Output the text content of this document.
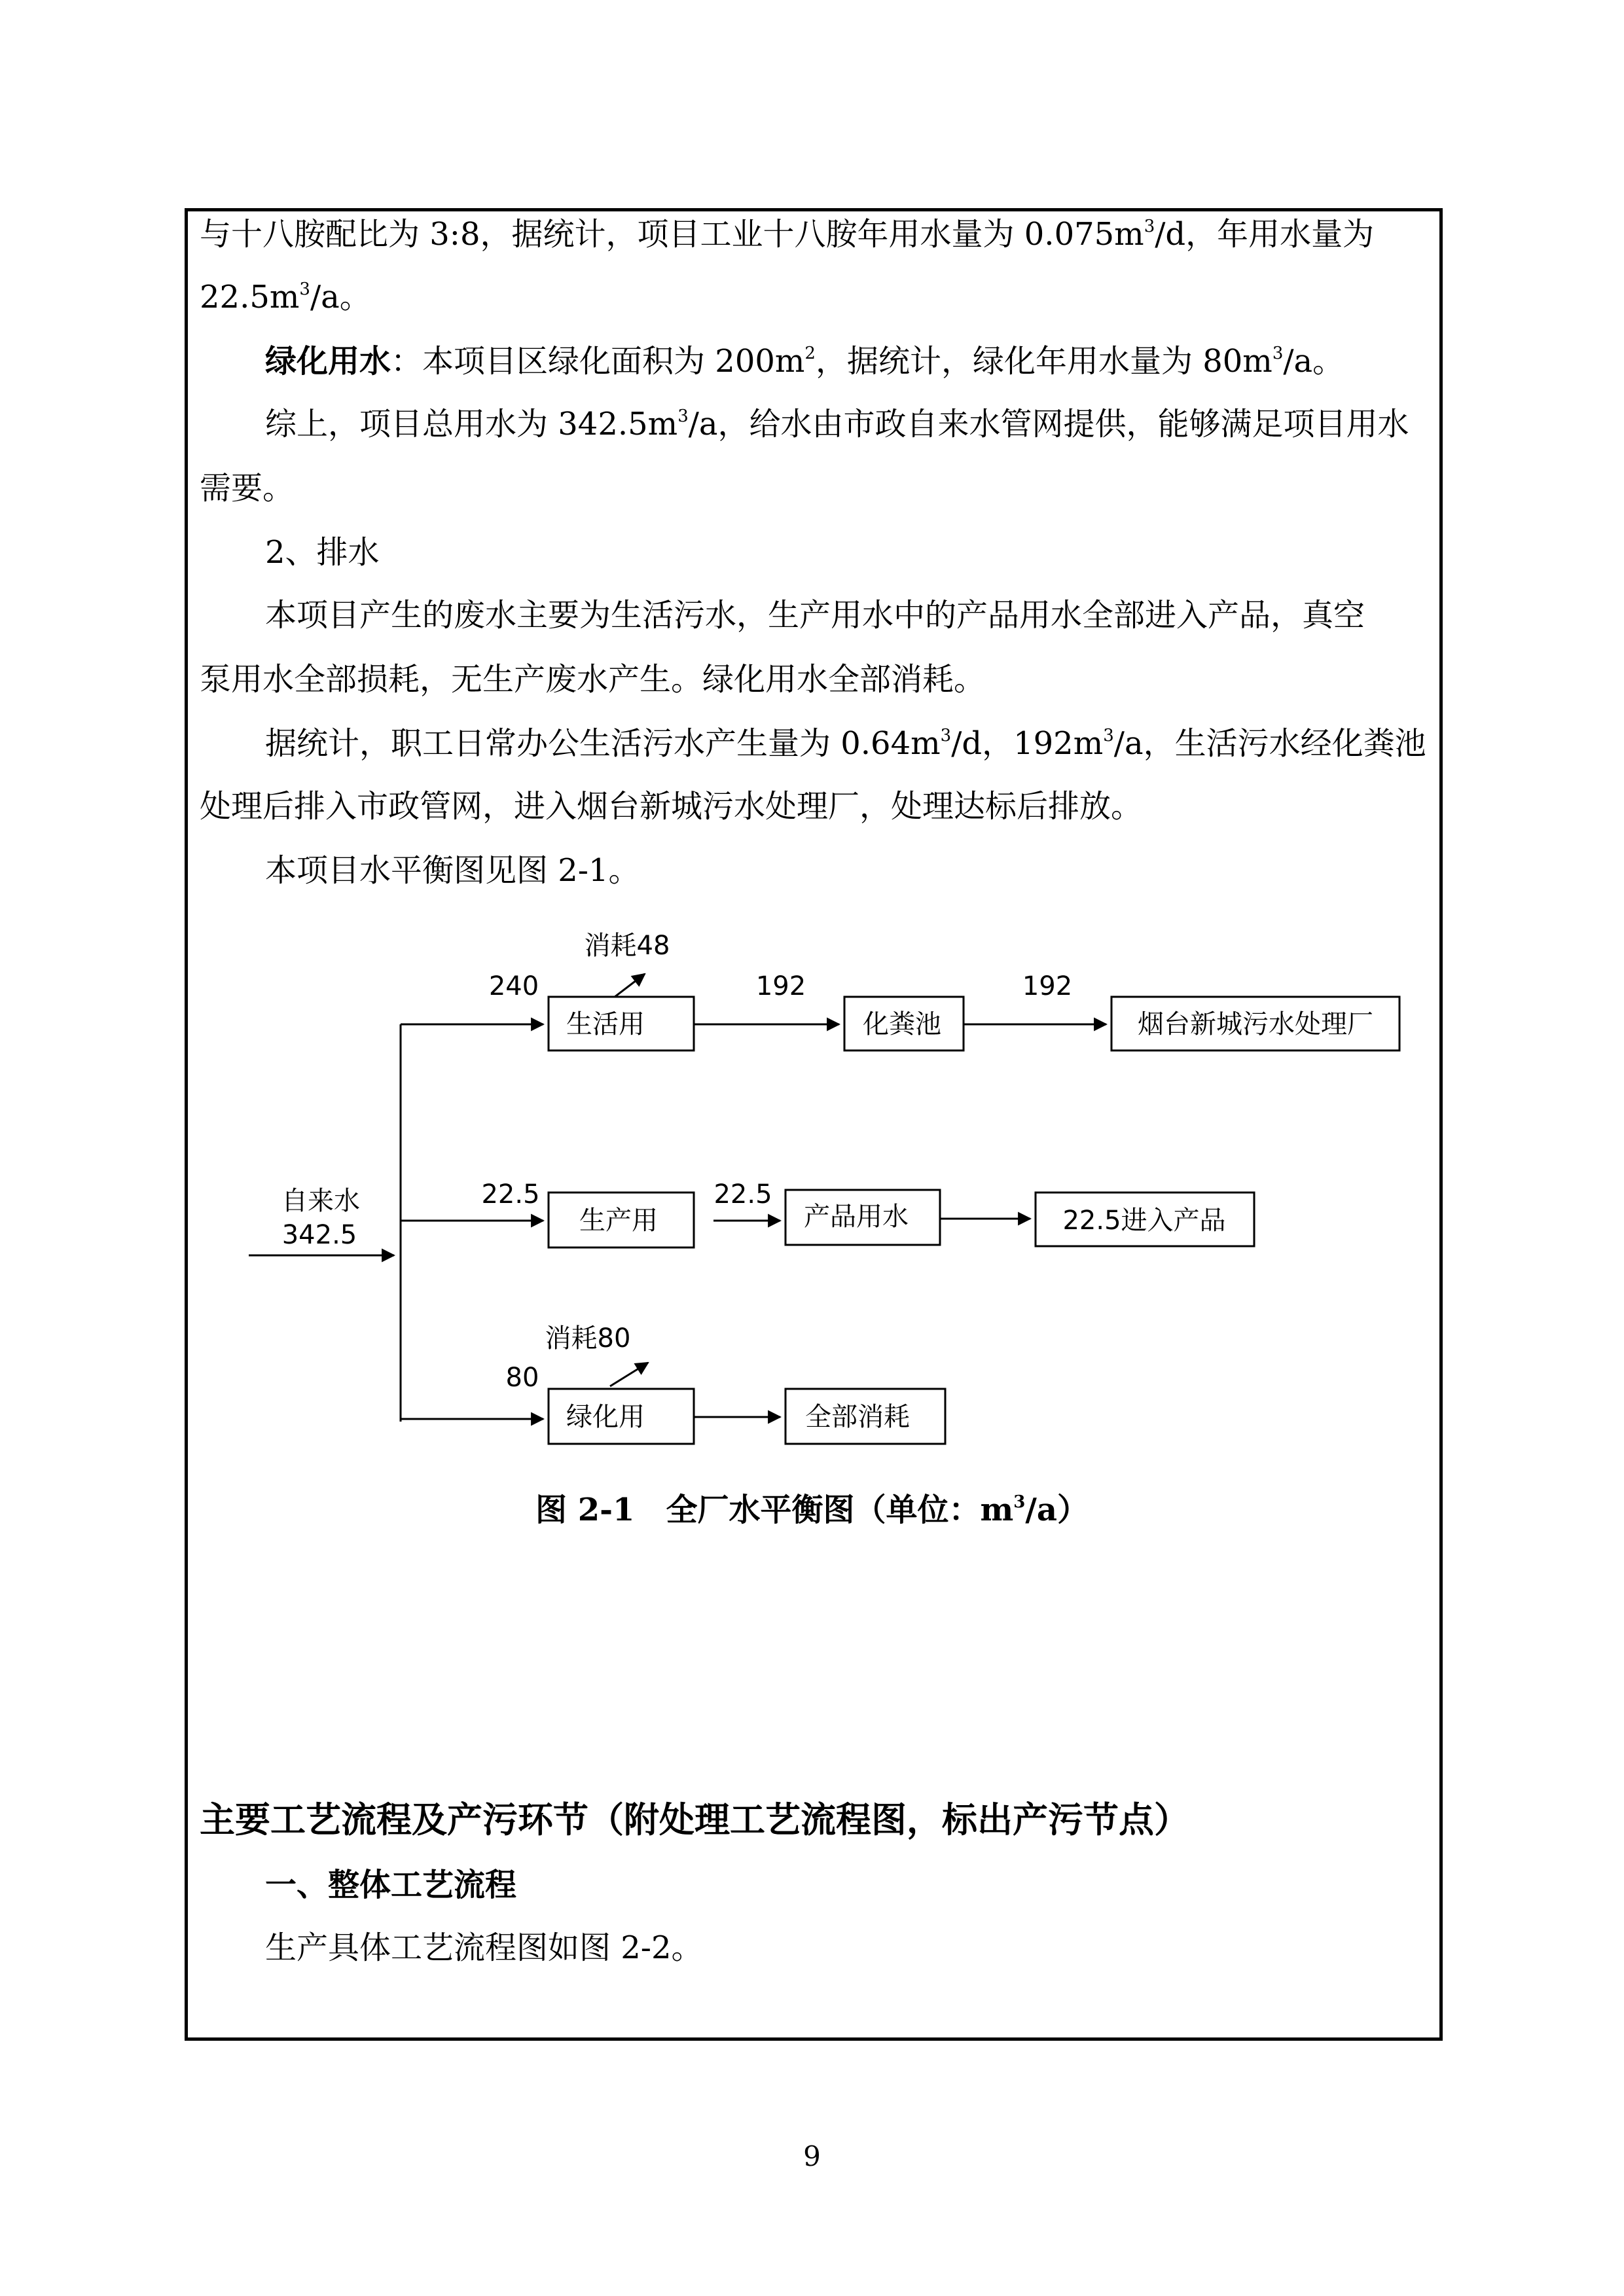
与十八胺配比为 3:8，据统计，项目工业十八胺年用水量为 $0.075m^3/d$，年用水量为
$22.5m^3/a$。
绿化用水：本项目区绿化面积为 $200m^2$，据统计，绿化年用水量为 $80m^3/a$。
综上，项目总用水为 $342.5m^3/a$，给水由市政自来水管网提供，能够满足项目用水
需要。
2、排水
本项目产生的废水主要为生活污水，生产用水中的产品用水全部进入产品，真空
泵用水全部损耗，无生产废水产生。绿化用水全部消耗。
据统计，职工日常办公生活污水产生量为 $0.64m^3/d$，$192m^3/a$，生活污水经化粪池
处理后排入市政管网，进入烟台新城污水处理厂，处理达标后排放。
本项目水平衡图见图 2-1。
自来水
342.5
240
消耗48
生活用
192
化粪池
192
烟台新城污水处理厂
22.5
生产用
22.5
产品用水	22.5进入产品
80
消耗80
绿化用	全部消耗
图 2-1　全厂水平衡图（单位：$m^3/a$）
主要工艺流程及产污环节（附处理工艺流程图，标出产污节点）
一、整体工艺流程
生产具体工艺流程图如图 2-2。
9
